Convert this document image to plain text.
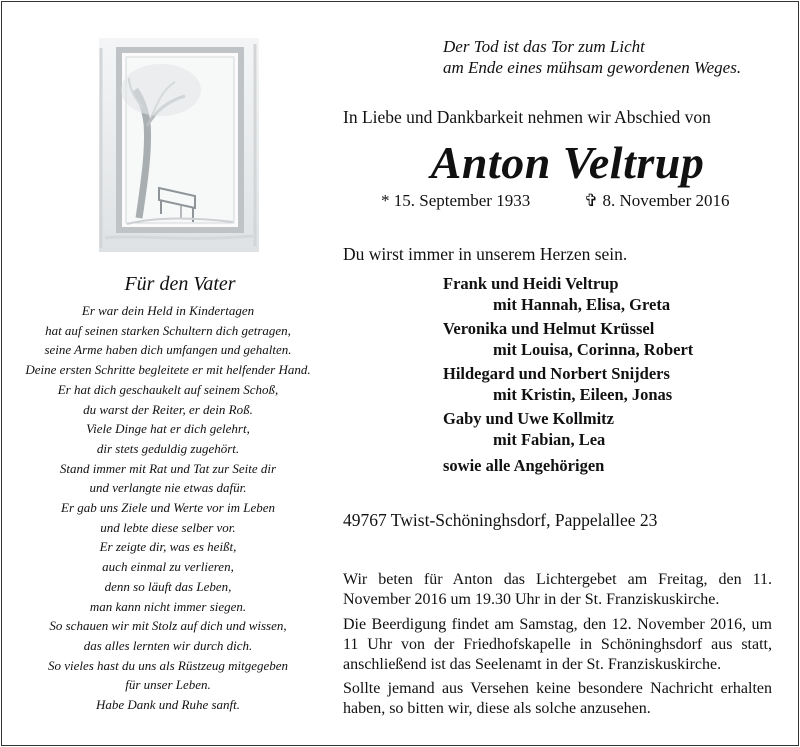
Für den Vater
Er war dein Held in Kindertagen
hat auf seinen starken Schultern dich getragen,
seine Arme haben dich umfangen und gehalten.
Deine ersten Schritte begleitete er mit helfender Hand.
Er hat dich geschaukelt auf seinem Schoß,
du warst der Reiter, er dein Roß.
Viele Dinge hat er dich gelehrt,
dir stets geduldig zugehört.
Stand immer mit Rat und Tat zur Seite dir
und verlangte nie etwas dafür.
Er gab uns Ziele und Werte vor im Leben
und lebte diese selber vor.
Er zeigte dir, was es heißt,
auch einmal zu verlieren,
denn so läuft das Leben,
man kann nicht immer siegen.
So schauen wir mit Stolz auf dich und wissen,
das alles lernten wir durch dich.
So vieles hast du uns als Rüstzeug mitgegeben
für unser Leben.
Habe Dank und Ruhe sanft.
Der Tod ist das Tor zum Licht
am Ende eines mühsam gewordenen Weges.
In Liebe und Dankbarkeit nehmen wir Abschied von
Anton Veltrup
* 15. September 1933	✞ 8. November 2016
Du wirst immer in unserem Herzen sein.
Frank und Heidi Veltrup
mit Hannah, Elisa, Greta
Veronika und Helmut Krüssel
mit Louisa, Corinna, Robert
Hildegard und Norbert Snijders
mit Kristin, Eileen, Jonas
Gaby und Uwe Kollmitz
mit Fabian, Lea
sowie alle Angehörigen
49767 Twist-Schöninghsdorf, Pappelallee 23
Wir beten für Anton das Lichtergebet am Freitag, den 11. November 2016 um 19.30 Uhr in der St. Franziskuskirche.
Die Beerdigung findet am Samstag, den 12. November 2016, um 11 Uhr von der Friedhofskapelle in Schöninghsdorf aus statt, anschließend ist das Seelenamt in der St. Franziskuskirche.
Sollte jemand aus Versehen keine besondere Nachricht erhalten haben, so bitten wir, diese als solche anzusehen.
